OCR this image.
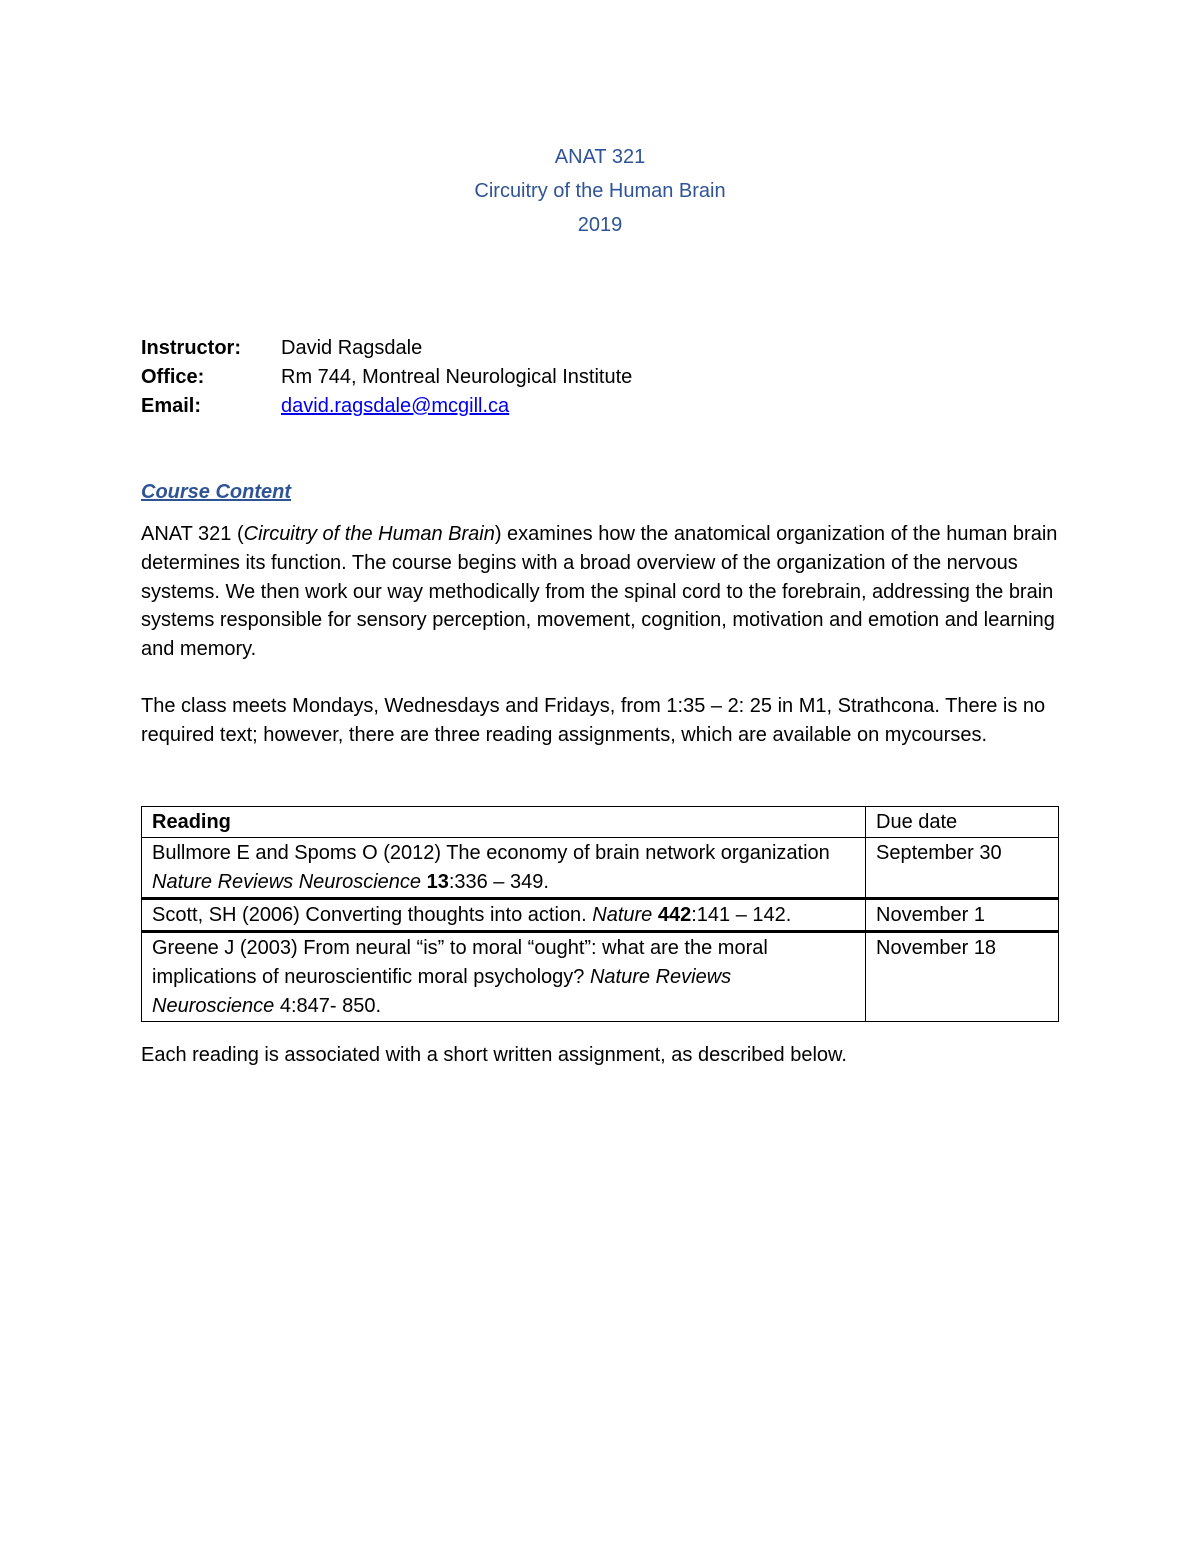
ANAT 321
Circuitry of the Human Brain
2019
Instructor:	David Ragsdale
Office:	Rm 744, Montreal Neurological Institute
Email:	david.ragsdale@mcgill.ca
Course Content
ANAT 321 (Circuitry of the Human Brain) examines how the anatomical organization of the human brain determines its function. The course begins with a broad overview of the organization of the nervous systems. We then work our way methodically from the spinal cord to the forebrain, addressing the brain systems responsible for sensory perception, movement, cognition, motivation and emotion and learning and memory.
The class meets Mondays, Wednesdays and Fridays, from 1:35 – 2: 25 in M1, Strathcona. There is no required text; however, there are three reading assignments, which are available on mycourses.
Reading	Due date
Bullmore E and Spoms O (2012) The economy of brain network organization Nature Reviews Neuroscience 13:336 – 349.	September 30
Scott, SH (2006) Converting thoughts into action. Nature 442:141 – 142.	November 1
Greene J (2003) From neural “is” to moral “ought”: what are the moral implications of neuroscientific moral psychology? Nature Reviews Neuroscience 4:847- 850.	November 18
Each reading is associated with a short written assignment, as described below.
